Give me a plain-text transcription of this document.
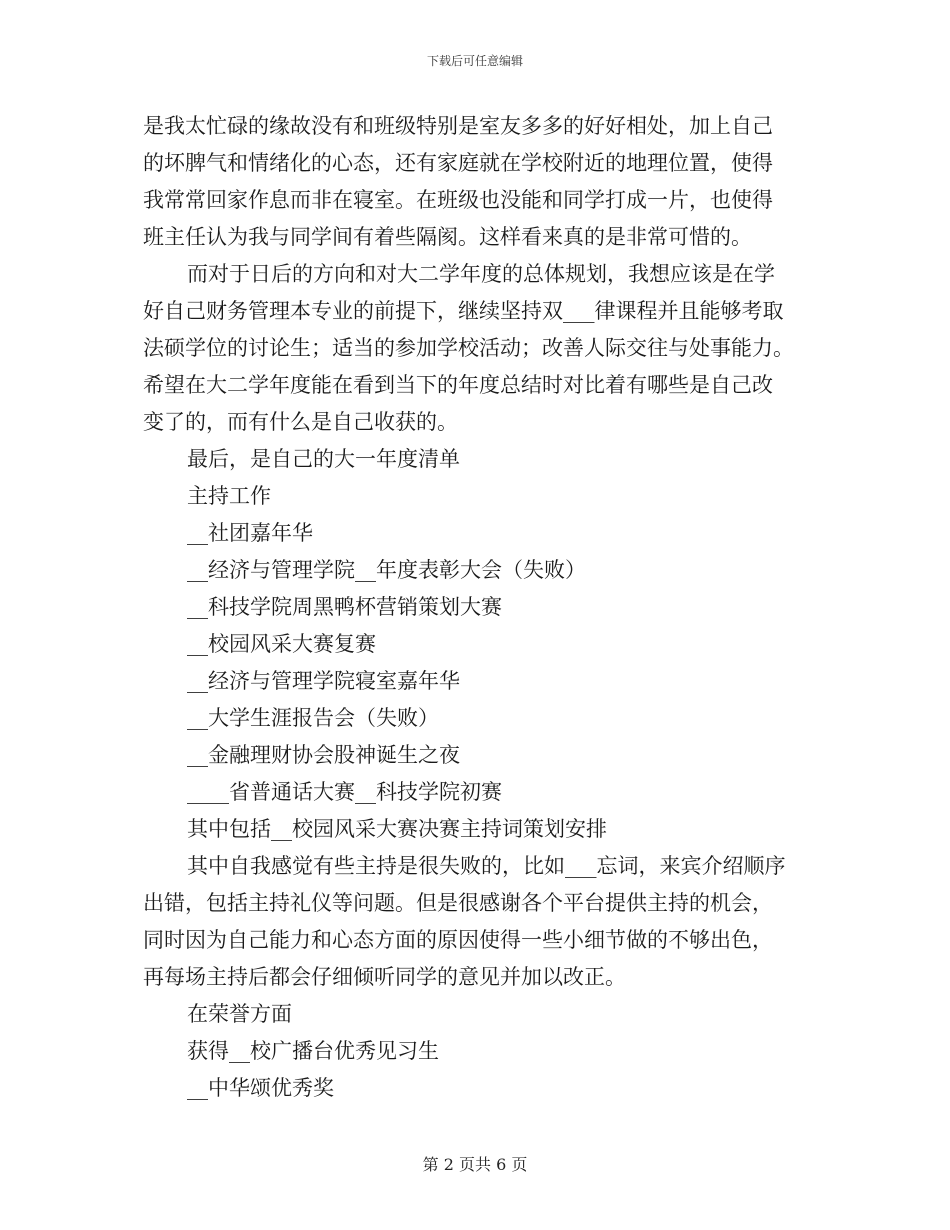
下载后可任意编辑

是我太忙碌的缘故没有和班级特别是室友多多的好好相处，加上自己

的坏脾气和情绪化的心态，还有家庭就在学校附近的地理位置，使得

我常常回家作息而非在寝室。在班级也没能和同学打成一片，也使得

班主任认为我与同学间有着些隔阂。这样看来真的是非常可惜的。

而对于日后的方向和对大二学年度的总体规划，我想应该是在学

好自己财务管理本专业的前提下，继续坚持双___律课程并且能够考取

法硕学位的讨论生；适当的参加学校活动；改善人际交往与处事能力。

希望在大二学年度能在看到当下的年度总结时对比着有哪些是自己改

变了的，而有什么是自己收获的。

最后，是自己的大一年度清单

主持工作

__社团嘉年华

__经济与管理学院__年度表彰大会（失败）

__科技学院周黑鸭杯营销策划大赛

__校园风采大赛复赛

__经济与管理学院寝室嘉年华

__大学生涯报告会（失败）

__金融理财协会股神诞生之夜

____省普通话大赛__科技学院初赛

其中包括__校园风采大赛决赛主持词策划安排

其中自我感觉有些主持是很失败的，比如___忘词，来宾介绍顺序

出错，包括主持礼仪等问题。但是很感谢各个平台提供主持的机会，

同时因为自己能力和心态方面的原因使得一些小细节做的不够出色，

再每场主持后都会仔细倾听同学的意见并加以改正。

在荣誉方面

获得__校广播台优秀见习生

__中华颂优秀奖

第 2 页共 6 页
